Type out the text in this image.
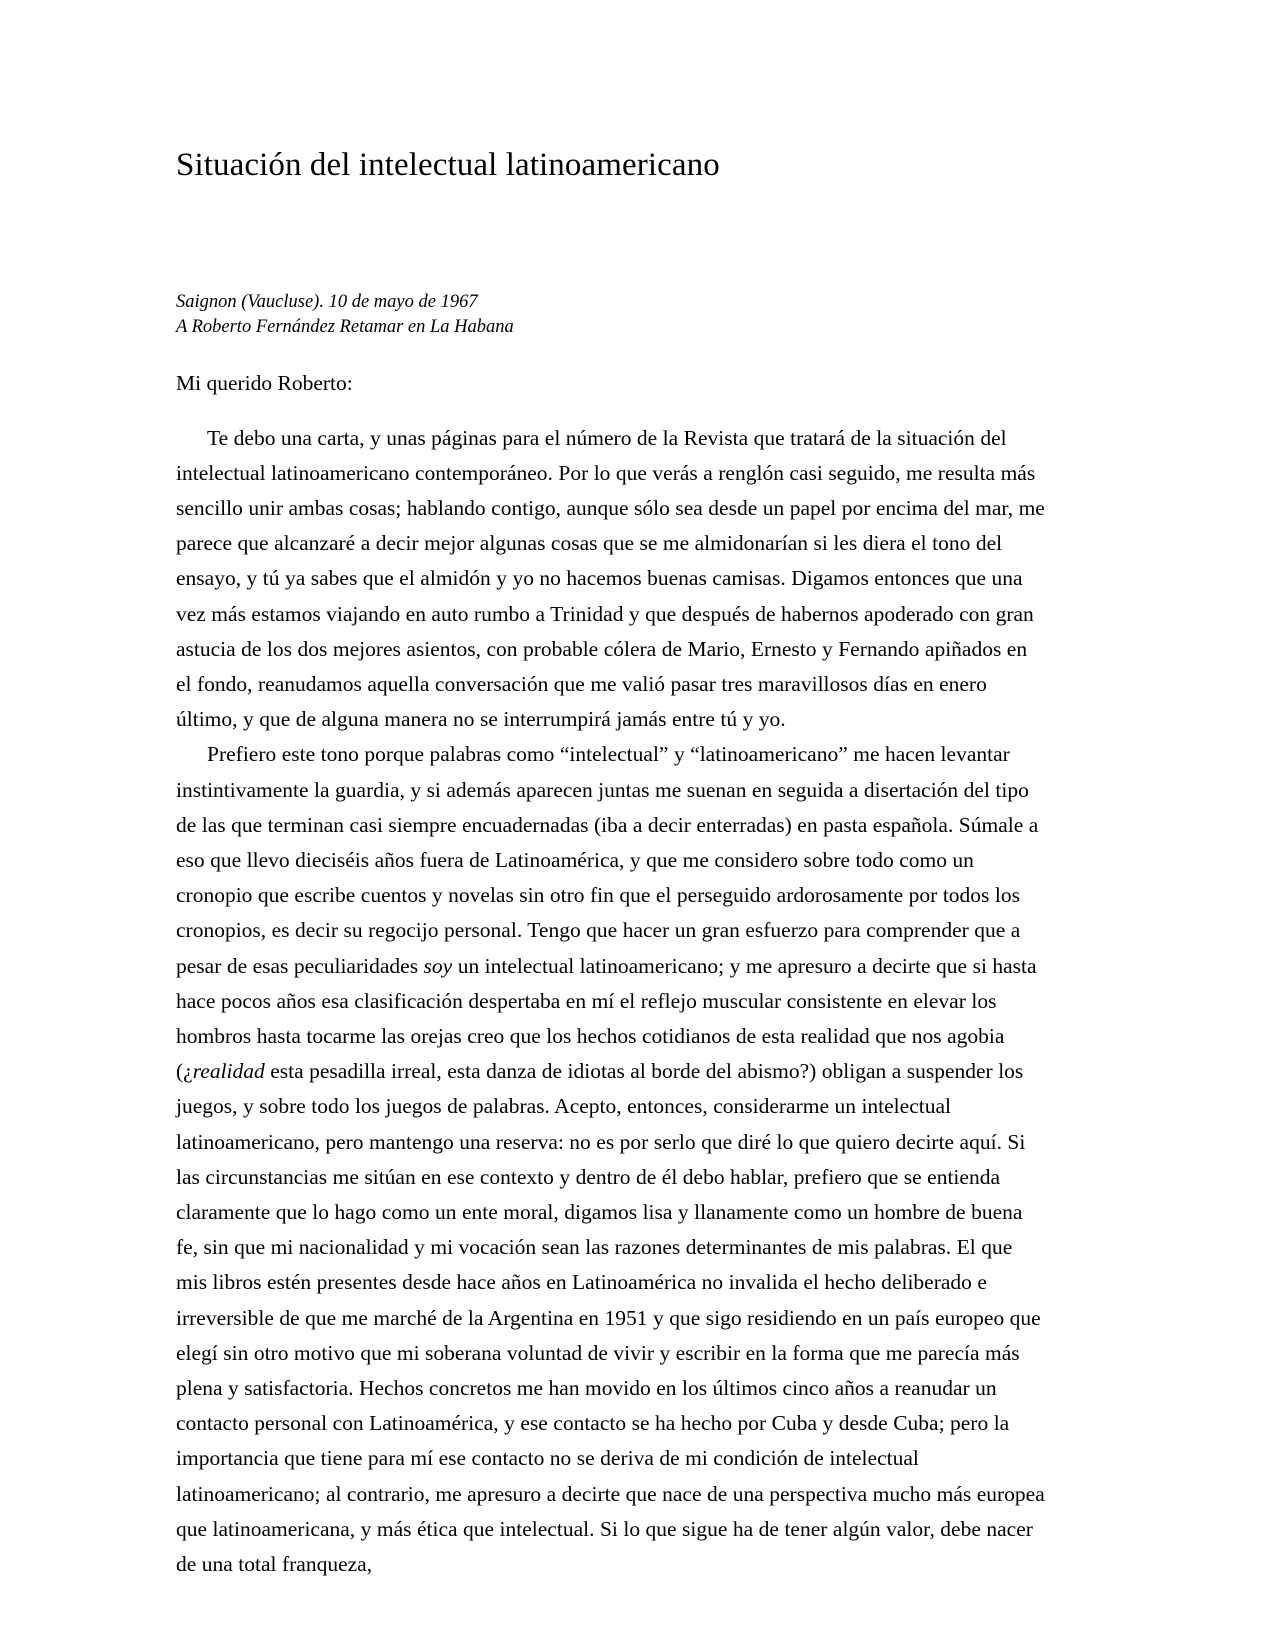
Situación del intelectual latinoamericano
Saignon (Vaucluse). 10 de mayo de 1967
A Roberto Fernández Retamar en La Habana
Mi querido Roberto:

Te debo una carta, y unas páginas para el número de la Revista que tratará de la situación del intelectual latinoamericano contemporáneo. Por lo que verás a renglón casi seguido, me resulta más sencillo unir ambas cosas; hablando contigo, aunque sólo sea desde un papel por encima del mar, me parece que alcanzaré a decir mejor algunas cosas que se me almidonarían si les diera el tono del ensayo, y tú ya sabes que el almidón y yo no hacemos buenas camisas. Digamos entonces que una vez más estamos viajando en auto rumbo a Trinidad y que después de habernos apoderado con gran astucia de los dos mejores asientos, con probable cólera de Mario, Ernesto y Fernando apiñados en el fondo, reanudamos aquella conversación que me valió pasar tres maravillosos días en enero último, y que de alguna manera no se interrumpirá jamás entre tú y yo.

Prefiero este tono porque palabras como “intelectual” y “latinoamericano” me hacen levantar instintivamente la guardia, y si además aparecen juntas me suenan en seguida a disertación del tipo de las que terminan casi siempre encuadernadas (iba a decir enterradas) en pasta española. Súmale a eso que llevo dieciséis años fuera de Latinoamérica, y que me considero sobre todo como un cronopio que escribe cuentos y novelas sin otro fin que el perseguido ardorosamente por todos los cronopios, es decir su regocijo personal. Tengo que hacer un gran esfuerzo para comprender que a pesar de esas peculiaridades soy un intelectual latinoamericano; y me apresuro a decirte que si hasta hace pocos años esa clasificación despertaba en mí el reflejo muscular consistente en elevar los hombros hasta tocarme las orejas creo que los hechos cotidianos de esta realidad que nos agobia (¿realidad esta pesadilla irreal, esta danza de idiotas al borde del abismo?) obligan a suspender los juegos, y sobre todo los juegos de palabras. Acepto, entonces, considerarme un intelectual latinoamericano, pero mantengo una reserva: no es por serlo que diré lo que quiero decirte aquí. Si las circunstancias me sitúan en ese contexto y dentro de él debo hablar, prefiero que se entienda claramente que lo hago como un ente moral, digamos lisa y llanamente como un hombre de buena fe, sin que mi nacionalidad y mi vocación sean las razones determinantes de mis palabras. El que mis libros estén presentes desde hace años en Latinoamérica no invalida el hecho deliberado e irreversible de que me marché de la Argentina en 1951 y que sigo residiendo en un país europeo que elegí sin otro motivo que mi soberana voluntad de vivir y escribir en la forma que me parecía más plena y satisfactoria. Hechos concretos me han movido en los últimos cinco años a reanudar un contacto personal con Latinoamérica, y ese contacto se ha hecho por Cuba y desde Cuba; pero la importancia que tiene para mí ese contacto no se deriva de mi condición de intelectual latinoamericano; al contrario, me apresuro a decirte que nace de una perspectiva mucho más europea que latinoamericana, y más ética que intelectual. Si lo que sigue ha de tener algún valor, debe nacer de una total franqueza,
